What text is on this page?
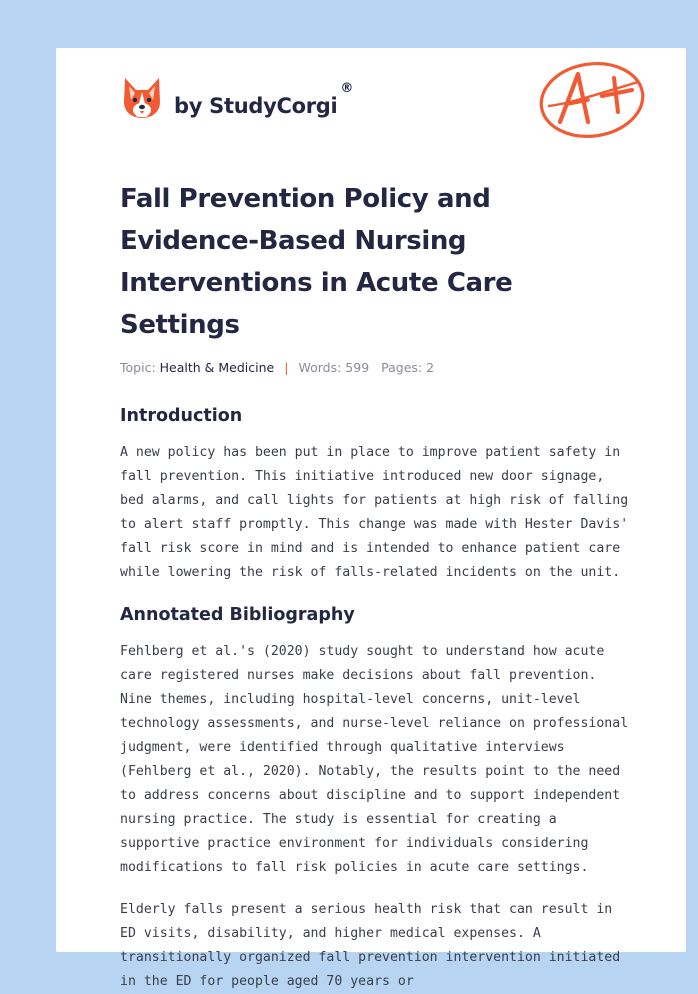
by StudyCorgi
®
Fall Prevention Policy and Evidence-Based Nursing Interventions in Acute Care Settings
Topic: Health & Medicine | Words: 599 Pages: 2
Introduction

A new policy has been put in place to improve patient safety in fall prevention. This initiative introduced new door signage, bed alarms, and call lights for patients at high risk of falling to alert staff promptly. This change was made with Hester Davis' fall risk score in mind and is intended to enhance patient care while lowering the risk of falls-related incidents on the unit.

Annotated Bibliography

Fehlberg et al.'s (2020) study sought to understand how acute care registered nurses make decisions about fall prevention. Nine themes, including hospital-level concerns, unit-level technology assessments, and nurse-level reliance on professional judgment, were identified through qualitative interviews (Fehlberg et al., 2020). Notably, the results point to the need to address concerns about discipline and to support independent nursing practice. The study is essential for creating a supportive practice environment for individuals considering modifications to fall risk policies in acute care settings.

Elderly falls present a serious health risk that can result in ED visits, disability, and higher medical expenses. A transitionally organized fall prevention intervention initiated in the ED for people aged 70 years or
